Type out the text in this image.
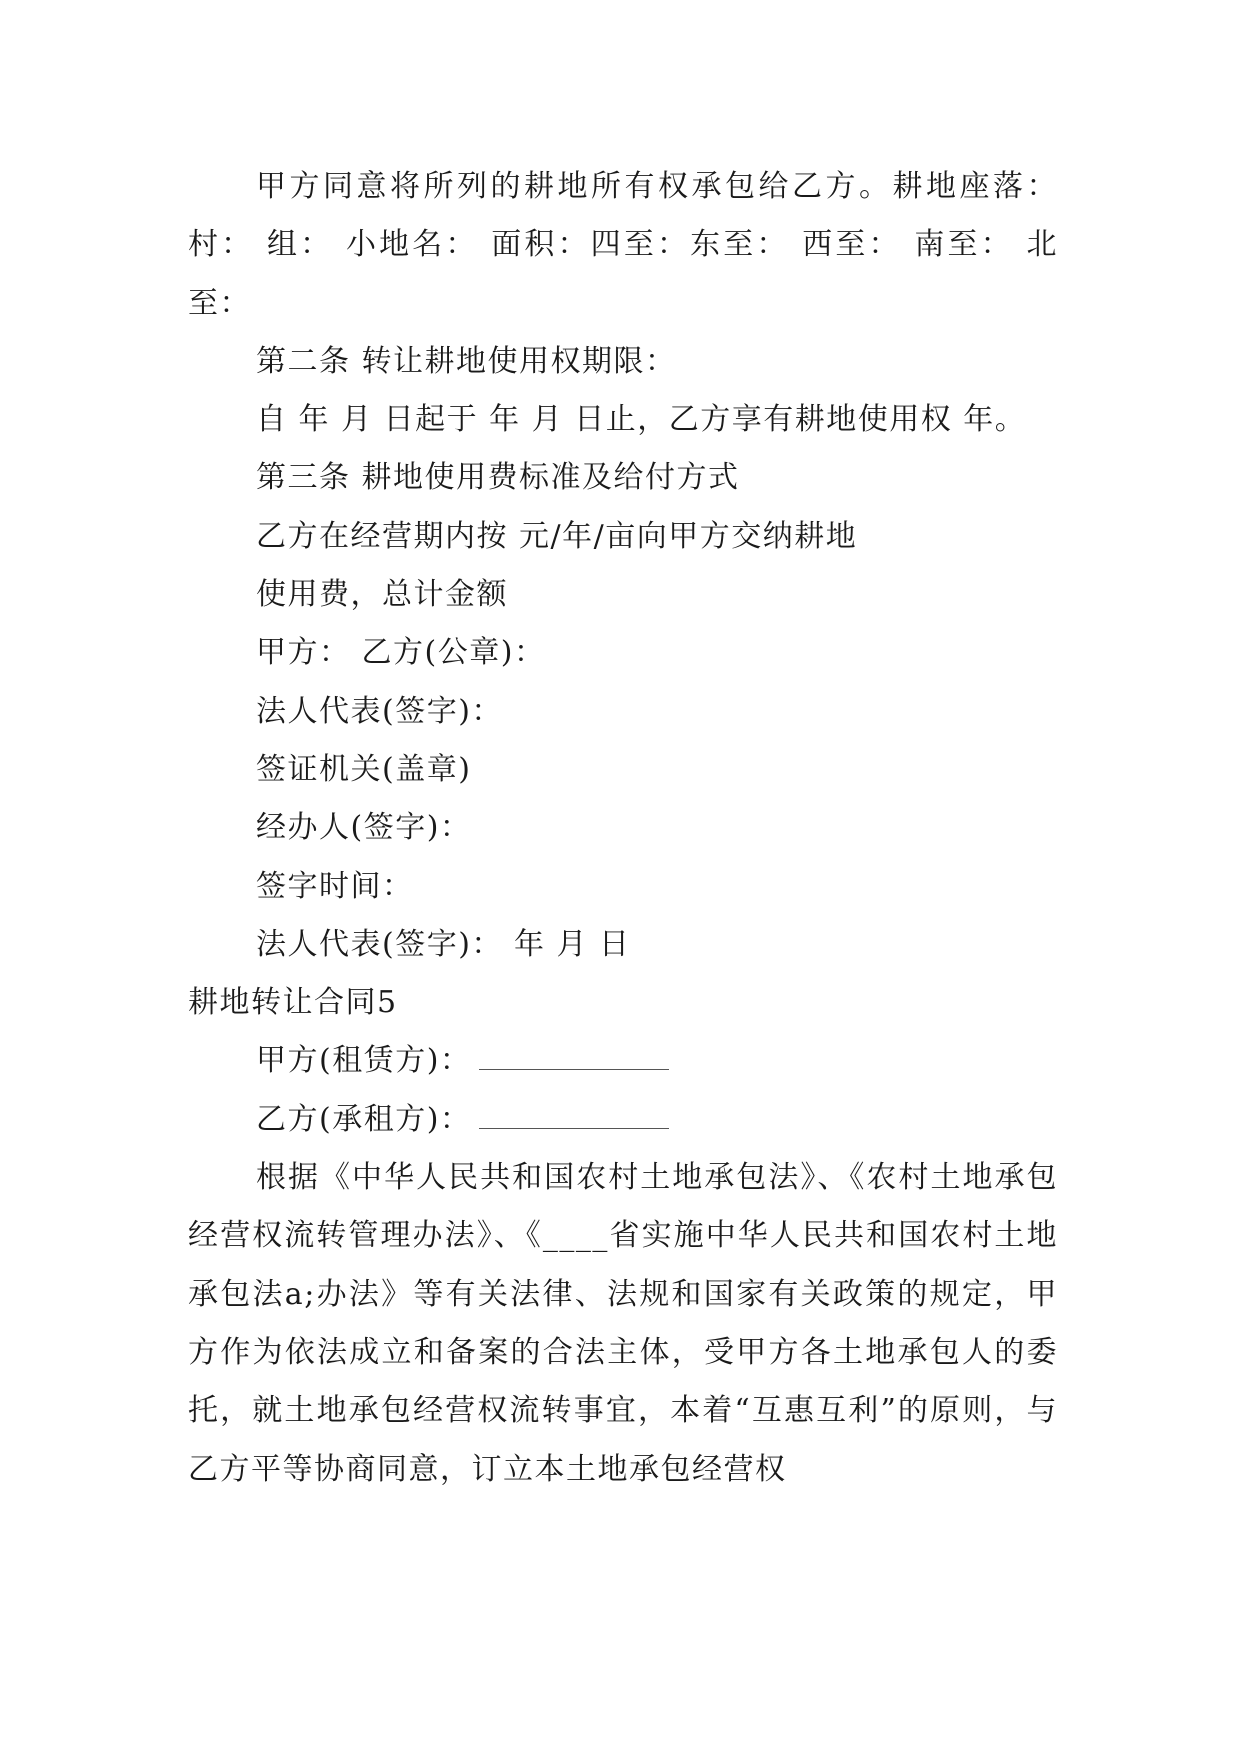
甲方同意将所列的耕地所有权承包给乙方。耕地座落：村： 组： 小地名： 面积：四至：东至： 西至： 南至： 北至：

第二条 转让耕地使用权期限：

自 年 月 日起于 年 月 日止，乙方享有耕地使用权 年。

第三条 耕地使用费标准及给付方式

乙方在经营期内按 元/年/亩向甲方交纳耕地

使用费，总计金额

甲方： 乙方(公章)：

法人代表(签字)：

签证机关(盖章)

经办人(签字)：

签字时间：

法人代表(签字)： 年 月 日

耕地转让合同5

甲方(租赁方)：

乙方(承租方)：

根据《中华人民共和国农村土地承包法》、《农村土地承包经营权流转管理办法》、《____省实施中华人民共和国农村土地承包法a;办法》等有关法律、法规和国家有关政策的规定，甲方作为依法成立和备案的合法主体，受甲方各土地承包人的委托，就土地承包经营权流转事宜，本着“互惠互利”的原则，与乙方平等协商同意，订立本土地承包经营权
